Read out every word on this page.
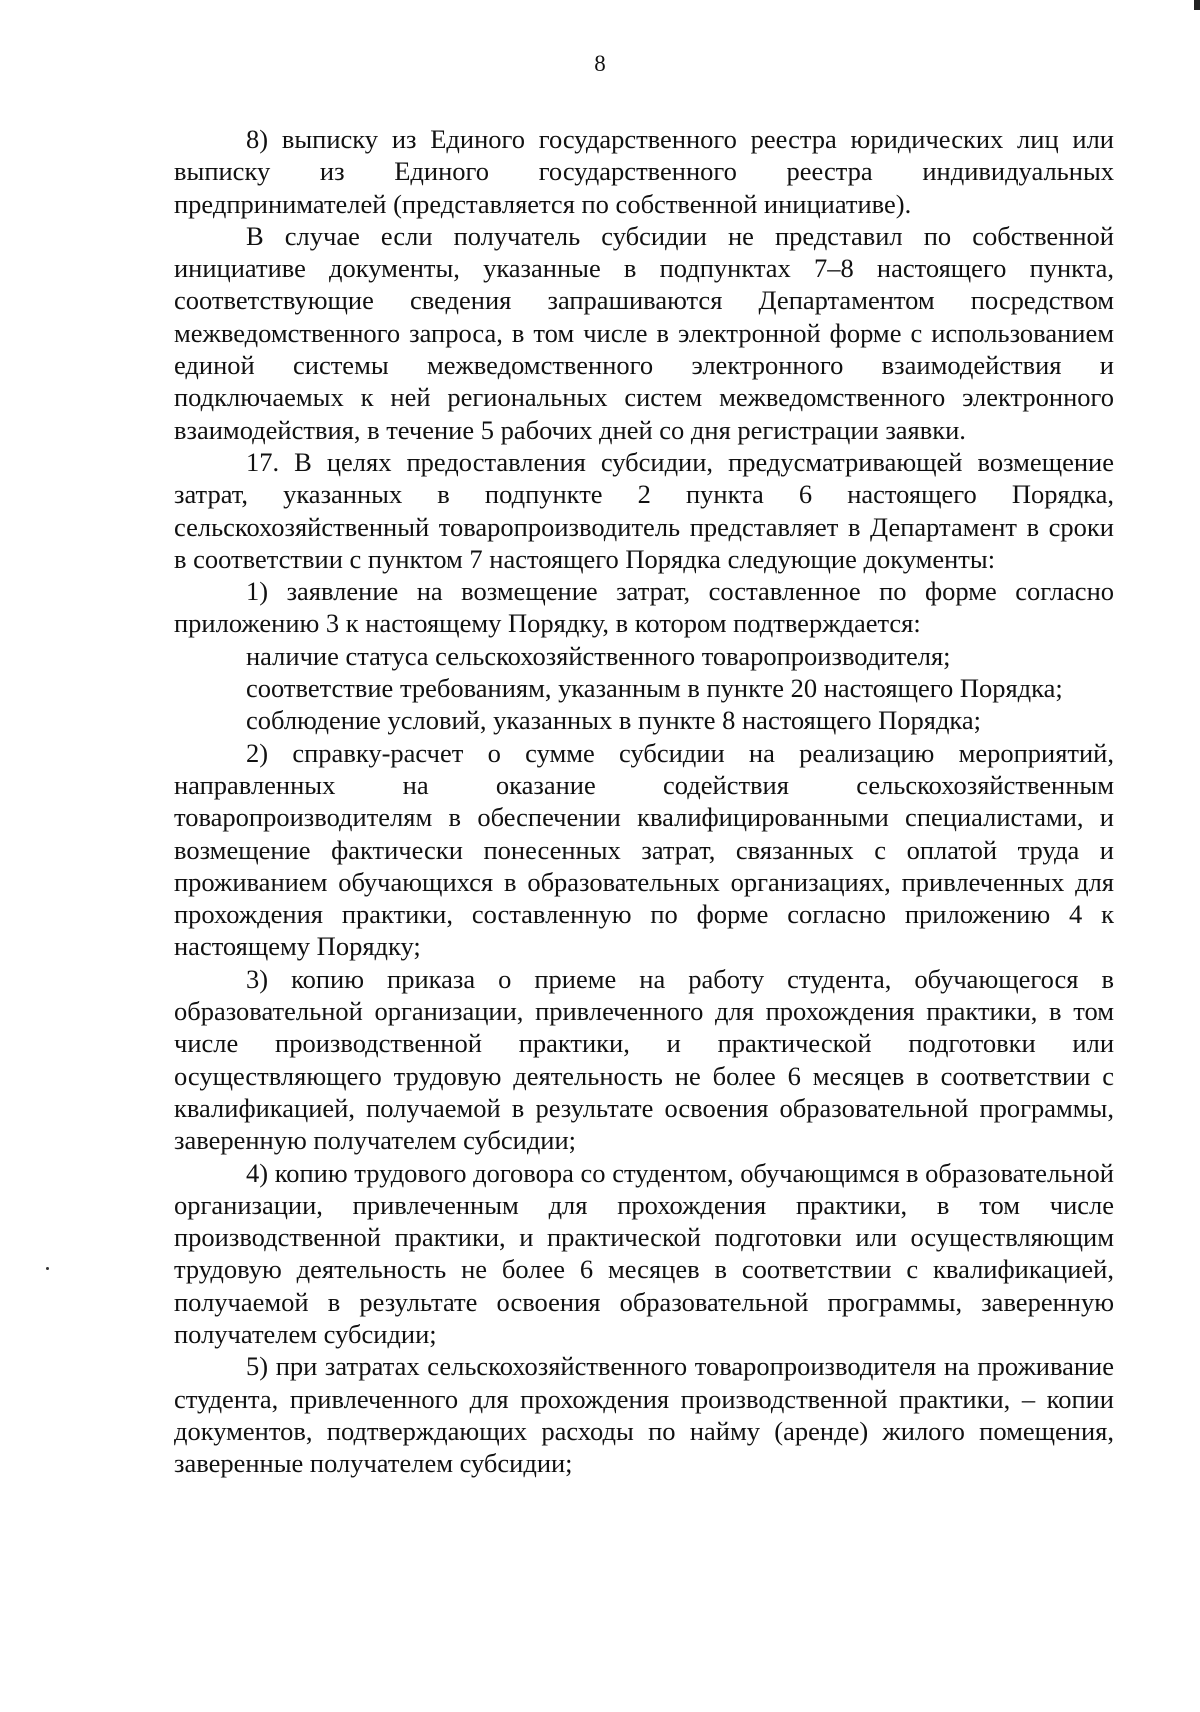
8

8) выписку из Единого государственного реестра юридических лиц или выписку из Единого государственного реестра индивидуальных предпринимателей (представляется по собственной инициативе).

В случае если получатель субсидии не представил по собственной инициативе документы, указанные в подпунктах 7–8 настоящего пункта, соответствующие сведения запрашиваются Департаментом посредством межведомственного запроса, в том числе в электронной форме с использованием единой системы межведомственного электронного взаимодействия и подключаемых к ней региональных систем межведомственного электронного взаимодействия, в течение 5 рабочих дней со дня регистрации заявки.

17. В целях предоставления субсидии, предусматривающей возмещение затрат, указанных в подпункте 2 пункта 6 настоящего Порядка, сельскохозяйственный товаропроизводитель представляет в Департамент в сроки в соответствии с пунктом 7 настоящего Порядка следующие документы:

1) заявление на возмещение затрат, составленное по форме согласно приложению 3 к настоящему Порядку, в котором подтверждается:

наличие статуса сельскохозяйственного товаропроизводителя;

соответствие требованиям, указанным в пункте 20 настоящего Порядка;

соблюдение условий, указанных в пункте 8 настоящего Порядка;

2) справку-расчет о сумме субсидии на реализацию мероприятий, направленных на оказание содействия сельскохозяйственным товаропроизводителям в обеспечении квалифицированными специалистами, и возмещение фактически понесенных затрат, связанных с оплатой труда и проживанием обучающихся в образовательных организациях, привлеченных для прохождения практики, составленную по форме согласно приложению 4 к настоящему Порядку;

3) копию приказа о приеме на работу студента, обучающегося в образовательной организации, привлеченного для прохождения практики, в том числе производственной практики, и практической подготовки или осуществляющего трудовую деятельность не более 6 месяцев в соответствии с квалификацией, получаемой в результате освоения образовательной программы, заверенную получателем субсидии;

4) копию трудового договора со студентом, обучающимся в образовательной организации, привлеченным для прохождения практики, в том числе производственной практики, и практической подготовки или осуществляющим трудовую деятельность не более 6 месяцев в соответствии с квалификацией, получаемой в результате освоения образовательной программы, заверенную получателем субсидии;

5) при затратах сельскохозяйственного товаропроизводителя на проживание студента, привлеченного для прохождения производственной практики, – копии документов, подтверждающих расходы по найму (аренде) жилого помещения, заверенные получателем субсидии;
